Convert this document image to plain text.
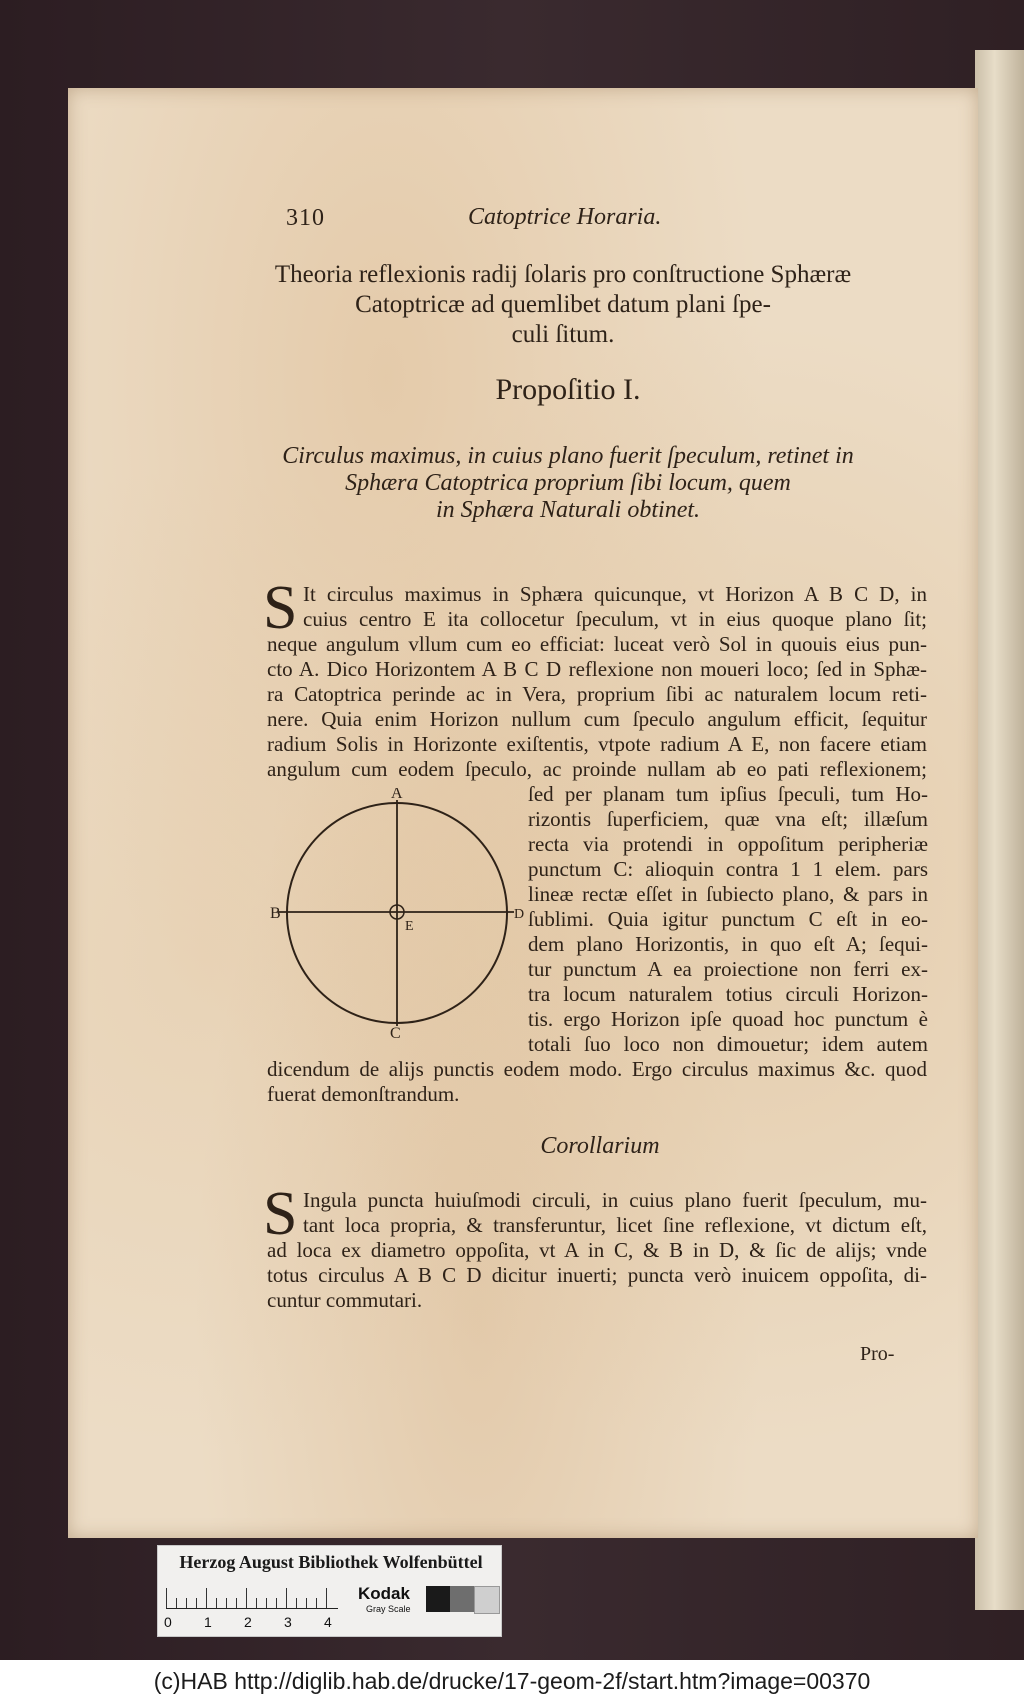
310	Catoptrice Horaria.
Theoria reflexionis radij ſolaris pro conſtructione Sphæræ
Catoptricæ ad quemlibet datum plani ſpe-
culi ſitum.
Propoſitio I.
Circulus maximus, in cuius plano fuerit ſpeculum, retinet in
Sphæra Catoptrica proprium ſibi locum, quem
in Sphæra Naturali obtinet.
S It circulus maximus in Sphæra quicunque, vt Horizon A B C D, in
cuius centro E ita collocetur ſpeculum, vt in eius quoque plano ſit;
neque angulum vllum cum eo efficiat: luceat verò Sol in quouis eius pun-
cto A. Dico Horizontem A B C D reflexione non moueri loco; ſed in Sphæ-
ra Catoptrica perinde ac in Vera, proprium ſibi ac naturalem locum reti-
nere. Quia enim Horizon nullum cum ſpeculo angulum efficit, ſequitur
radium Solis in Horizonte exiſtentis, vtpote radium A E, non facere etiam
angulum cum eodem ſpeculo, ac proinde nullam ab eo pati reflexionem;
ſed per planam tum ipſius ſpeculi, tum Ho-
rizontis ſuperficiem, quæ vna eſt; illæſum
recta via protendi in oppoſitum peripheriæ
punctum C: alioquin contra 1 1 elem. pars
lineæ rectæ eſſet in ſubiecto plano, & pars in
ſublimi. Quia igitur punctum C eſt in eo-
dem plano Horizontis, in quo eſt A; ſequi-
tur punctum A ea proiectione non ferri ex-
tra locum naturalem totius circuli Horizon-
tis. ergo Horizon ipſe quoad hoc punctum è
totali ſuo loco non dimouetur; idem autem
A
B
C
D
E
dicendum de alijs punctis eodem modo. Ergo circulus maximus &c. quod
fuerat demonſtrandum.
Corollarium
S Ingula puncta huiuſmodi circuli, in cuius plano fuerit ſpeculum, mu-
tant loca propria, & transferuntur, licet ſine reflexione, vt dictum eſt,
ad loca ex diametro oppoſita, vt A in C, & B in D, & ſic de alijs; vnde
totus circulus A B C D dicitur inuerti; puncta verò inuicem oppoſita, di-
cuntur commutari.
Pro-
Herzog August Bibliothek Wolfenbüttel
0 1 2 3 4
Kodak
Gray Scale
(c)HAB http://diglib.hab.de/drucke/17-geom-2f/start.htm?image=00370
